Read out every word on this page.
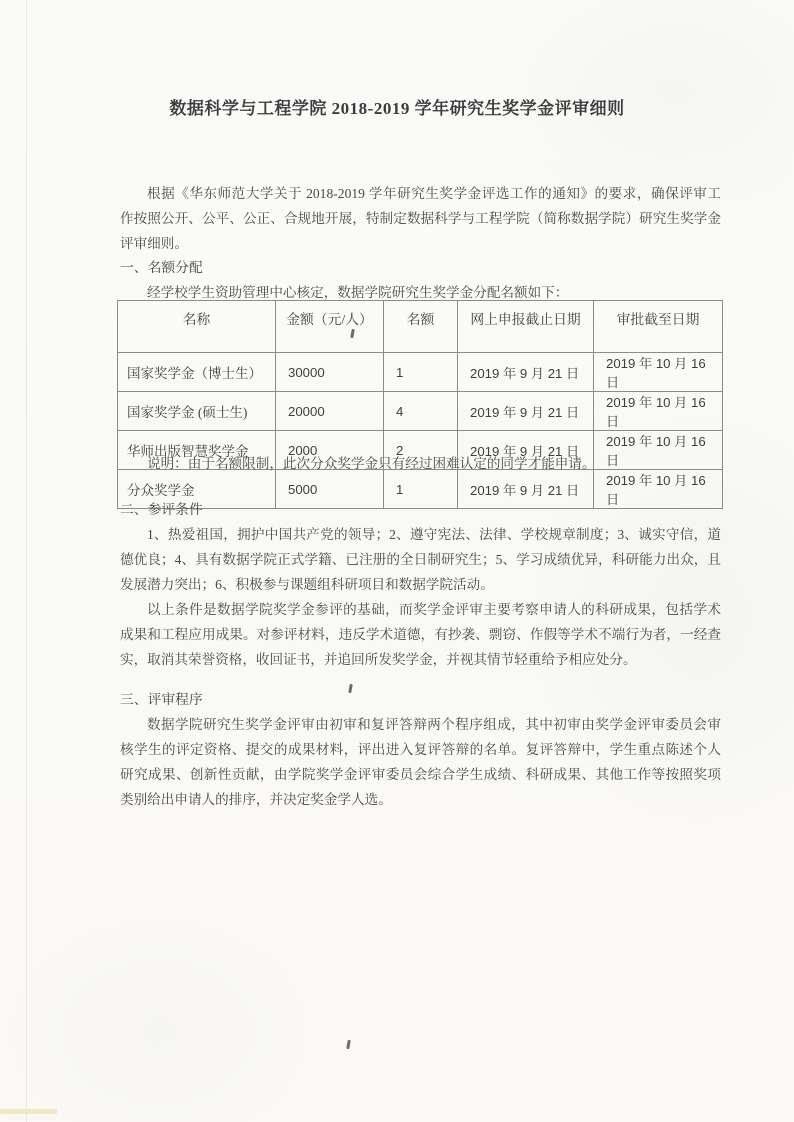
数据科学与工程学院 2018-2019 学年研究生奖学金评审细则
根据《华东师范大学关于 2018-2019 学年研究生奖学金评选工作的通知》的要求，确保评审工
作按照公开、公平、公正、合规地开展，特制定数据科学与工程学院（简称数据学院）研究生奖学金
评审细则。
一、名额分配
经学校学生资助管理中心核定，数据学院研究生奖学金分配名额如下：
名称	金额（元/人）	名额	网上申报截止日期	审批截至日期
国家奖学金（博士生）	30000	1	2019 年 9 月 21 日	2019 年 10 月 16 日
国家奖学金 (硕士生)	20000	4	2019 年 9 月 21 日	2019 年 10 月 16 日
华师出版智慧奖学金	2000	2	2019 年 9 月 21 日	2019 年 10 月 16 日
分众奖学金	5000	1	2019 年 9 月 21 日	2019 年 10 月 16 日
说明：由于名额限制，此次分众奖学金只有经过困难认定的同学才能申请。
二、参评条件
1、热爱祖国，拥护中国共产党的领导；2、遵守宪法、法律、学校规章制度；3、诚实守信，道
德优良；4、具有数据学院正式学籍、已注册的全日制研究生；5、学习成绩优异，科研能力出众，且
发展潜力突出；6、积极参与课题组科研项目和数据学院活动。
以上条件是数据学院奖学金参评的基础，而奖学金评审主要考察申请人的科研成果，包括学术
成果和工程应用成果。对参评材料，违反学术道德，有抄袭、剽窃、作假等学术不端行为者，一经查
实，取消其荣誉资格，收回证书，并追回所发奖学金，并视其情节轻重给予相应处分。
三、评审程序
数据学院研究生奖学金评审由初审和复评答辩两个程序组成，其中初审由奖学金评审委员会审
核学生的评定资格、提交的成果材料，评出进入复评答辩的名单。复评答辩中，学生重点陈述个人
研究成果、创新性贡献，由学院奖学金评审委员会综合学生成绩、科研成果、其他工作等按照奖项
类别给出申请人的排序，并决定奖金学人选。
